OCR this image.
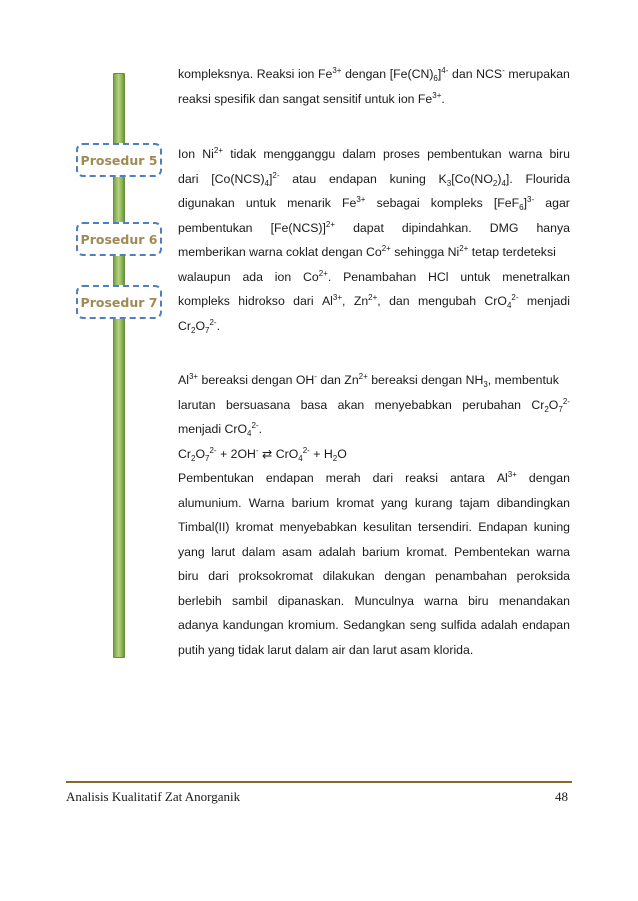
Prosedur 5
Prosedur 6
Prosedur 7
kompleksnya. Reaksi ion $Fe^{3+}$ dengan $[Fe(CN)_6]^{4-}$ dan NCS- merupakan
reaksi spesifik dan sangat sensitif untuk ion $Fe^{3+}$.
Ion $Ni^{2+}$ tidak mengganggu dalam proses pembentukan warna biru
dari $[Co(NCS)_4]^{2-}$ atau endapan kuning $K_3[Co(NO_2)_4]$. Flourida
digunakan untuk menarik $Fe^{3+}$ sebagai kompleks $[FeF_6]^{3-}$ agar
pembentukan $[Fe(NCS)]^{2+}$ dapat dipindahkan. DMG hanya
memberikan warna coklat dengan $Co^{2+}$ sehingga $Ni^{2+}$ tetap terdeteksi
walaupun ada ion $Co^{2+}$. Penambahan HCl untuk menetralkan
kompleks hidrokso dari $Al^{3+}$, $Zn^{2+}$, dan mengubah CrO$_4^{2-}$ menjadi
$Cr_2O_7^{2-}$.
$Al^{3+}$ bereaksi dengan OH- dan $Zn^{2+}$ bereaksi dengan $NH_3$, membentuk
larutan bersuasana basa akan menyebabkan perubahan $Cr_2O_7^{2-}$
menjadi CrO$_4^{2-}$.
$Cr_2O_7^{2-} + 2OH^-$ ⇄ $CrO_4^{2-} + H_2O$
Pembentukan endapan merah dari reaksi antara $Al^{3+}$ dengan
alumunium. Warna barium kromat yang kurang tajam dibandingkan
Timbal(II) kromat menyebabkan kesulitan tersendiri. Endapan kuning
yang larut dalam asam adalah barium kromat. Pembentekan warna
biru dari proksokromat dilakukan dengan penambahan peroksida
berlebih sambil dipanaskan. Munculnya warna biru menandakan
adanya kandungan kromium. Sedangkan seng sulfida adalah endapan
putih yang tidak larut dalam air dan larut asam klorida.
Analisis Kualitatif Zat Anorganik	48
